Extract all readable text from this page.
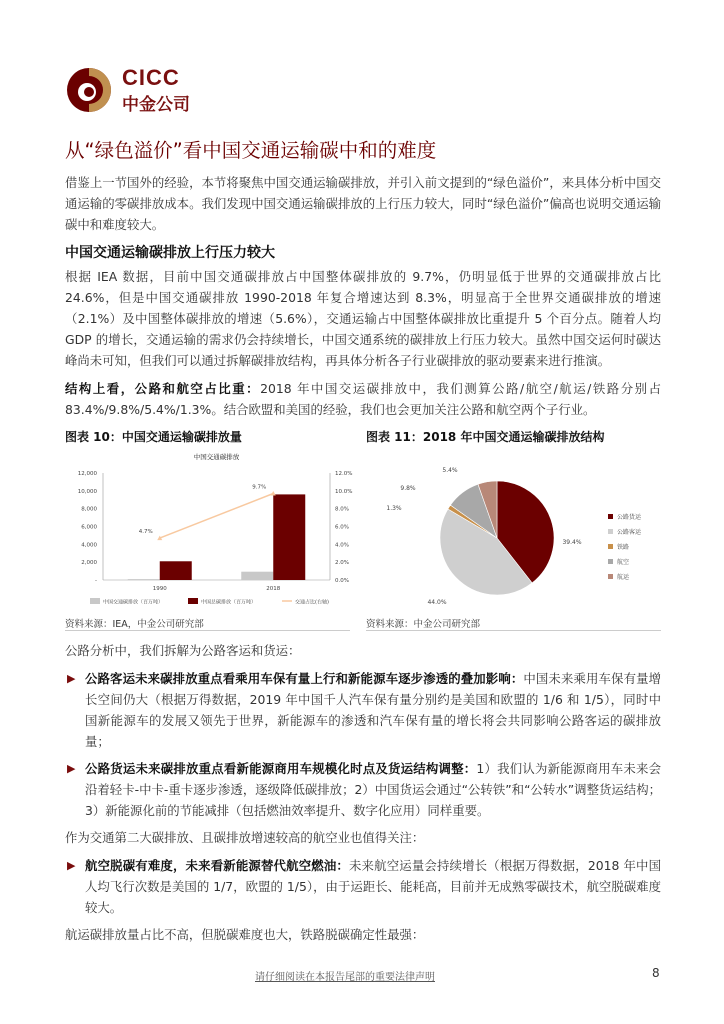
CICC
中金公司
从“绿色溢价”看中国交通运输碳中和的难度
借鉴上一节国外的经验，本节将聚焦中国交通运输碳排放，并引入前文提到的“绿色溢价”，来具体分析中国交通运输的零碳排放成本。我们发现中国交通运输碳排放的上行压力较大，同时“绿色溢价”偏高也说明交通运输碳中和难度较大。
中国交通运输碳排放上行压力较大
根据 IEA 数据，目前中国交通碳排放占中国整体碳排放的 9.7%，仍明显低于世界的交通碳排放占比 24.6%，但是中国交通碳排放 1990-2018 年复合增速达到 8.3%，明显高于全世界交通碳排放的增速（2.1%）及中国整体碳排放的增速（5.6%），交通运输占中国整体碳排放比重提升 5 个百分点。随着人均 GDP 的增长，交通运输的需求仍会持续增长，中国交通系统的碳排放上行压力较大。虽然中国交运何时碳达峰尚未可知，但我们可以通过拆解碳排放结构，再具体分析各子行业碳排放的驱动要素来进行推演。
结构上看，公路和航空占比重：2018 年中国交运碳排放中，我们测算公路/航空/航运/铁路分别占 83.4%/9.8%/5.4%/1.3%。结合欧盟和美国的经验，我们也会更加关注公路和航空两个子行业。
图表 10：中国交通运输碳排放量
中国交通碳排放
-
2,000
4,000
6,000
8,000
10,000
12,000
0.0%
2.0%
4.0%
6.0%
8.0%
10.0%
12.0%
1990
4.7%
2018
9.7%
中国交通碳排放（百万吨）	中国总碳排放（百万吨）	交通占比(右轴)
资料来源：IEA，中金公司研究部
图表 11：2018 年中国交通运输碳排放结构
39.4%
公路货运
44.0%
公路客运
1.3%
铁路
9.8%
航空
5.4%
航运
资料来源：中金公司研究部
公路分析中，我们拆解为公路客运和货运：
▶ 公路客运未来碳排放重点看乘用车保有量上行和新能源车逐步渗透的叠加影响：中国未来乘用车保有量增长空间仍大（根据万得数据，2019 年中国千人汽车保有量分别约是美国和欧盟的 1/6 和 1/5），同时中国新能源车的发展又领先于世界，新能源车的渗透和汽车保有量的增长将会共同影响公路客运的碳排放量；
▶ 公路货运未来碳排放重点看新能源商用车规模化时点及货运结构调整：1）我们认为新能源商用车未来会沿着轻卡-中卡-重卡逐步渗透，逐级降低碳排放；2）中国货运会通过“公转铁”和“公转水”调整货运结构；3）新能源化前的节能减排（包括燃油效率提升、数字化应用）同样重要。
作为交通第二大碳排放、且碳排放增速较高的航空业也值得关注：
▶ 航空脱碳有难度，未来看新能源替代航空燃油：未来航空运量会持续增长（根据万得数据，2018 年中国人均飞行次数是美国的 1/7，欧盟的 1/5），由于运距长、能耗高，目前并无成熟零碳技术，航空脱碳难度较大。
航运碳排放量占比不高，但脱碳难度也大，铁路脱碳确定性最强：
请仔细阅读在本报告尾部的重要法律声明	8
